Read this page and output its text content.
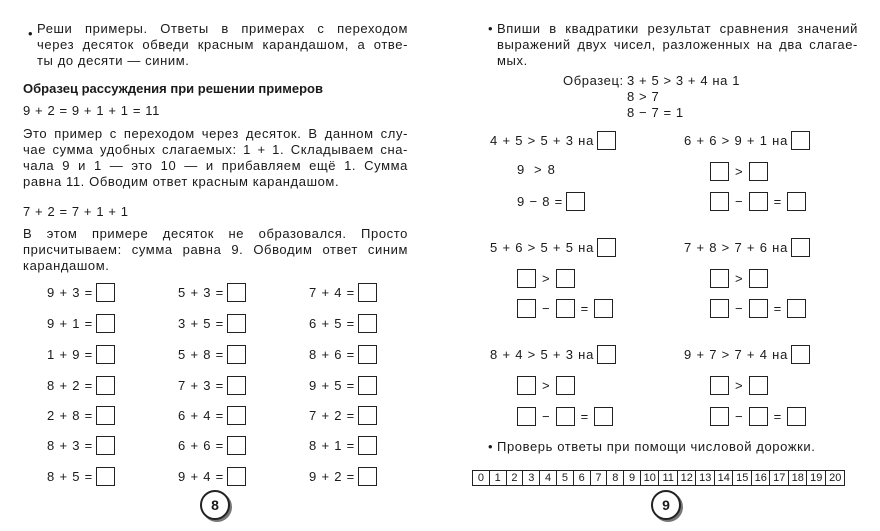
• Реши примеры. Ответы в примерах с переходом
через десяток обведи красным карандашом, а отве-
ты до десяти — синим.
Образец рассуждения при решении примеров
9 + 2 = 9 + 1 + 1 = 11
Это пример с переходом через десяток. В данном слу-
чае сумма удобных слагаемых: 1 + 1. Складываем сна-
чала 9 и 1 — это 10 — и прибавляем ещё 1. Сумма
равна 11. Обводим ответ красным карандашом.
7 + 2 = 7 + 1 + 1
В этом примере десяток не образовался. Просто
присчитываем: сумма равна 9. Обводим ответ синим
карандашом.
9 + 3 =
9 + 1 =
1 + 9 =
8 + 2 =
2 + 8 =
8 + 3 =
8 + 5 =
5 + 3 =
3 + 5 =
5 + 8 =
7 + 3 =
6 + 4 =
6 + 6 =
9 + 4 =
7 + 4 =
6 + 5 =
8 + 6 =
9 + 5 =
7 + 2 =
8 + 1 =
9 + 2 =
8
• Впиши в квадратики результат сравнения значений
выражений двух чисел, разложенных на два слагае-
мых.
Образец: 3 + 5 > 3 + 4 на 1
8 > 7
8 − 7 = 1
4 + 5 > 5 + 3 на
9 > 8
9 − 8 =
6 + 6 > 9 + 1 на
>
− =
5 + 6 > 5 + 5 на
>
− =
7 + 8 > 7 + 6 на
>
− =
8 + 4 > 5 + 3 на
>
− =
9 + 7 > 7 + 4 на
>
− =
• Проверь ответы при помощи числовой дорожки.
0 1 2 3 4 5 6 7 8 9 10 11 12 13 14 15 16 17 18 19 20
9
